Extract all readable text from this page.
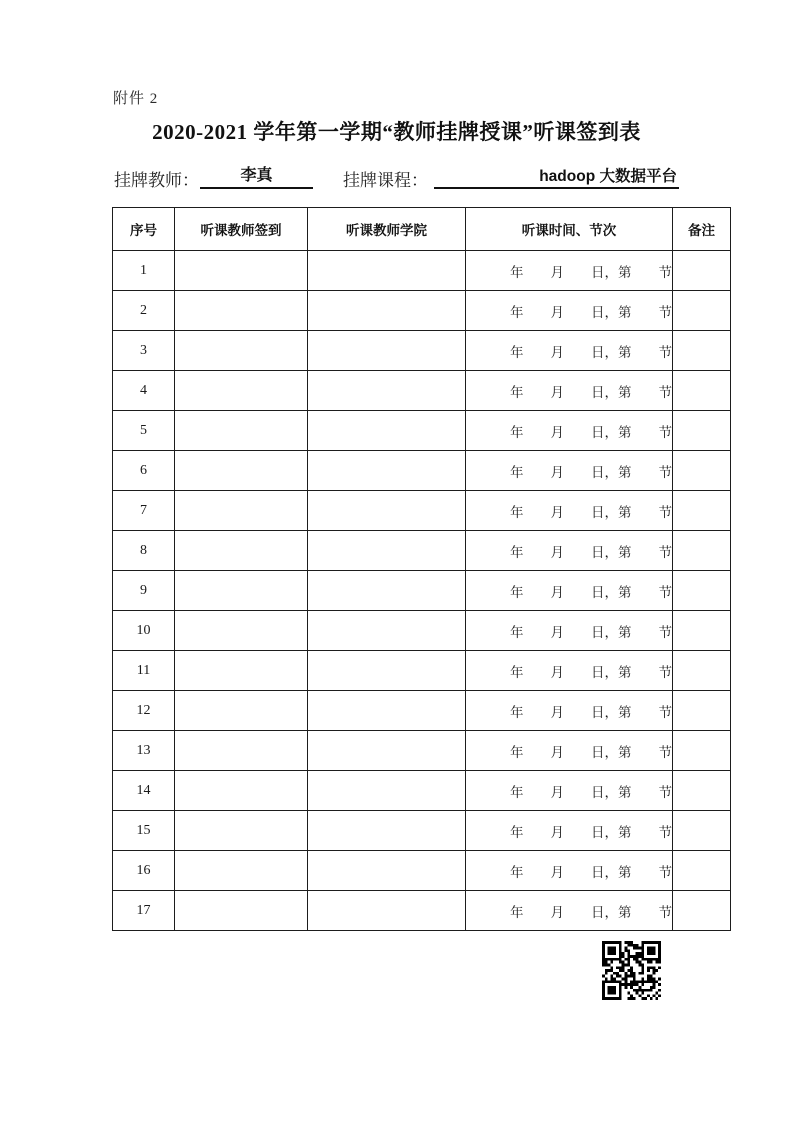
附件 2
2020-2021 学年第一学期“教师挂牌授课”听课签到表
挂牌教师：	李真	挂牌课程：	hadoop 大数据平台
序号	听课教师签到	听课教师学院	听课时间、节次	备注
1			年　　月　　日，第　　节	
2			年　　月　　日，第　　节	
3			年　　月　　日，第　　节	
4			年　　月　　日，第　　节	
5			年　　月　　日，第　　节	
6			年　　月　　日，第　　节	
7			年　　月　　日，第　　节	
8			年　　月　　日，第　　节	
9			年　　月　　日，第　　节	
10			年　　月　　日，第　　节	
11			年　　月　　日，第　　节	
12			年　　月　　日，第　　节	
13			年　　月　　日，第　　节	
14			年　　月　　日，第　　节	
15			年　　月　　日，第　　节	
16			年　　月　　日，第　　节	
17			年　　月　　日，第　　节	
